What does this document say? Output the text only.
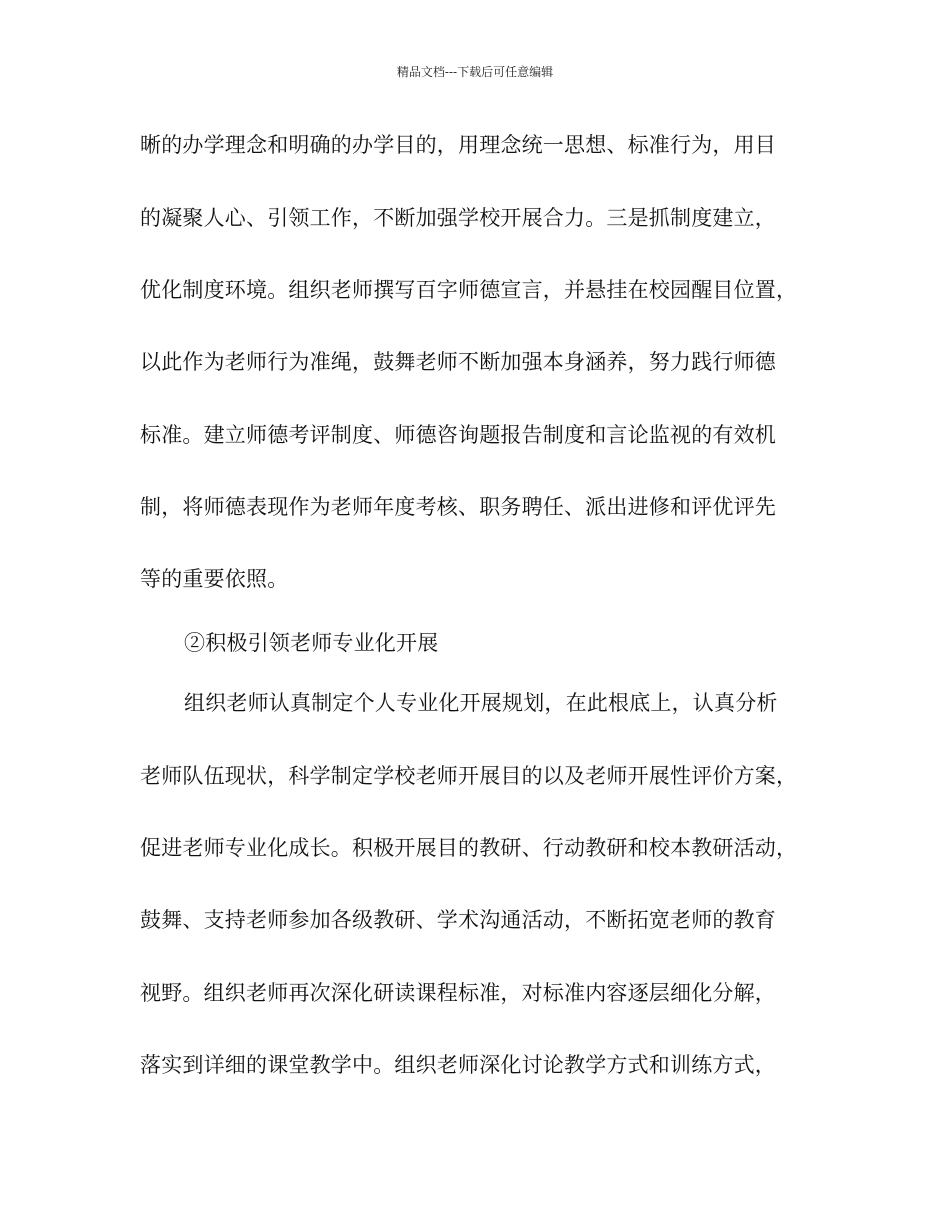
精品文档---下载后可任意编辑
晰的办学理念和明确的办学目的，用理念统一思想、标准行为，用目
的凝聚人心、引领工作，不断加强学校开展合力。三是抓制度建立，
优化制度环境。组织老师撰写百字师德宣言，并悬挂在校园醒目位置，
以此作为老师行为准绳，鼓舞老师不断加强本身涵养，努力践行师德
标准。建立师德考评制度、师德咨询题报告制度和言论监视的有效机
制，将师德表现作为老师年度考核、职务聘任、派出进修和评优评先
等的重要依照。
②积极引领老师专业化开展
组织老师认真制定个人专业化开展规划，在此根底上，认真分析
老师队伍现状，科学制定学校老师开展目的以及老师开展性评价方案，
促进老师专业化成长。积极开展目的教研、行动教研和校本教研活动，
鼓舞、支持老师参加各级教研、学术沟通活动，不断拓宽老师的教育
视野。组织老师再次深化研读课程标准，对标准内容逐层细化分解，
落实到详细的课堂教学中。组织老师深化讨论教学方式和训练方式，
